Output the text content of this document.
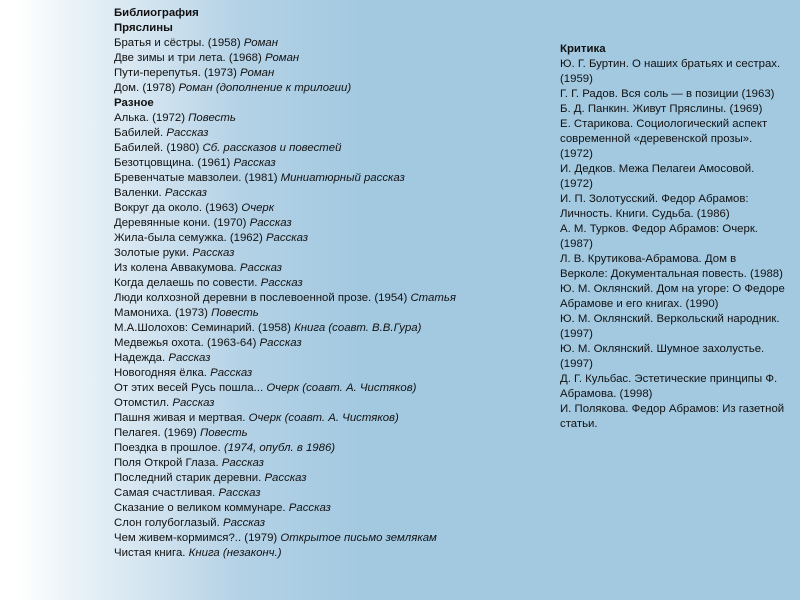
Библиография
Пряслины
Братья и сёстры. (1958) Роман
Две зимы и три лета. (1968) Роман
Пути-перепутья. (1973) Роман
Дом. (1978) Роман (дополнение к трилогии)
Разное
Алька. (1972) Повесть
Бабилей. Рассказ
Бабилей. (1980) Сб. рассказов и повестей
Безотцовщина. (1961) Рассказ
Бревенчатые мавзолеи. (1981) Миниатюрный рассказ
Валенки. Рассказ
Вокруг да около. (1963) Очерк
Деревянные кони. (1970) Рассказ
Жила-была семужка. (1962) Рассказ
Золотые руки. Рассказ
Из колена Аввакумова. Рассказ
Когда делаешь по совести. Рассказ
Люди колхозной деревни в послевоенной прозе. (1954) Статья
Мамониха. (1973) Повесть
М.А.Шолохов: Семинарий. (1958) Книга (соавт. В.В.Гура)
Медвежья охота. (1963-64) Рассказ
Надежда. Рассказ
Новогодняя ёлка. Рассказ
От этих весей Русь пошла... Очерк (соавт. А. Чистяков)
Отомстил. Рассказ
Пашня живая и мертвая. Очерк (соавт. А. Чистяков)
Пелагея. (1969) Повесть
Поездка в прошлое. (1974, опубл. в 1986)
Поля Открой Глаза. Рассказ
Последний старик деревни. Рассказ
Самая счастливая. Рассказ
Сказание о великом коммунаре. Рассказ
Слон голубоглазый. Рассказ
Чем живем-кормимся?.. (1979) Открытое письмо землякам
Чистая книга. Книга (незаконч.)
Критика
Ю. Г. Буртин. О наших братьях и сестрах. (1959)
Г. Г. Радов. Вся соль — в позиции (1963)
Б. Д. Панкин. Живут Пряслины. (1969)
Е. Старикова. Социологический аспект современной «деревенской прозы». (1972)
И. Дедков. Межа Пелагеи Амосовой. (1972)
И. П. Золотусский. Федор Абрамов: Личность. Книги. Судьба. (1986)
А. М. Турков. Федор Абрамов: Очерк. (1987)
Л. В. Крутикова-Абрамова. Дом в Верколе: Документальная повесть. (1988)
Ю. М. Оклянский. Дом на угоре: О Федоре Абрамове и его книгах. (1990)
Ю. М. Оклянский. Веркольский народник. (1997)
Ю. М. Оклянский. Шумное захолустье. (1997)
Д. Г. Кульбас. Эстетические принципы Ф. Абрамова. (1998)
И. Полякова. Федор Абрамов: Из газетной статьи.
